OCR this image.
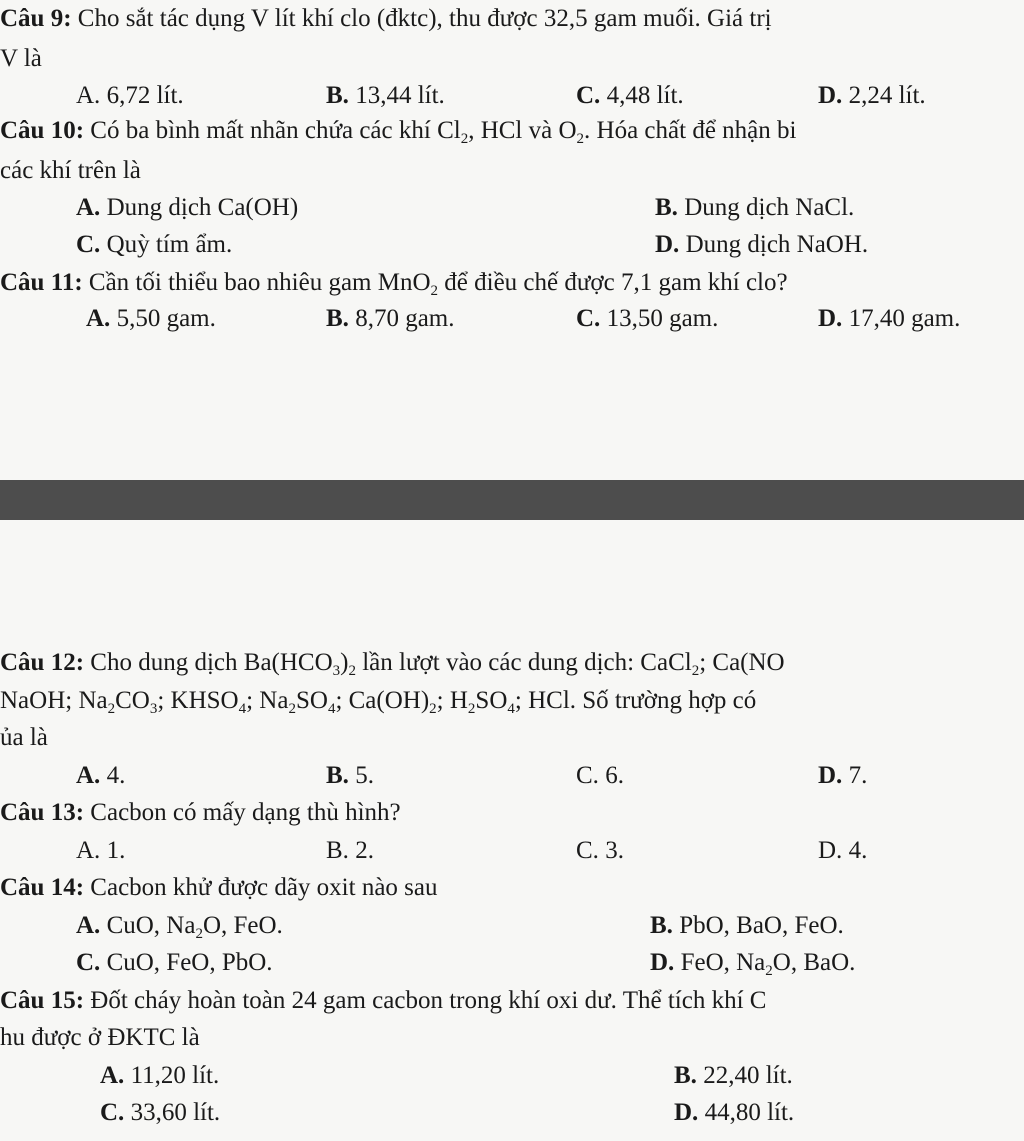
Câu 9: Cho sắt tác dụng V lít khí clo (đktc), thu được 32,5 gam muối. Giá trị
V là
A. 6,72 lít.	B. 13,44 lít.	C. 4,48 lít.	D. 2,24 lít.
Câu 10: Có ba bình mất nhãn chứa các khí $Cl_2$, HCl và $O_2$. Hóa chất để nhận bi
các khí trên là
A. Dung dịch Ca(OH)	B. Dung dịch NaCl.
C. Quỳ tím ẩm.	D. Dung dịch NaOH.
Câu 11: Cần tối thiểu bao nhiêu gam MnO$_2$ để điều chế được 7,1 gam khí clo?
A. 5,50 gam.	B. 8,70 gam.	C. 13,50 gam.	D. 17,40 gam.
Câu 12: Cho dung dịch $Ba(HCO_3)_2$ lần lượt vào các dung dịch: CaCl$_2$; Ca(NO
NaOH; $Na_2CO_3$; $KHSO_4$; $Na_2SO_4$; $Ca(OH)_2$; $H_2SO_4$; HCl. Số trường hợp có
ủa là
A. 4.	B. 5.	C. 6.	D. 7.
Câu 13: Cacbon có mấy dạng thù hình?
A. 1.	B. 2.	C. 3.	D. 4.
Câu 14: Cacbon khử được dãy oxit nào sau
A. CuO, $Na_2O$, FeO.	B. PbO, BaO, FeO.
C. CuO, FeO, PbO.	D. FeO, $Na_2O$, BaO.
Câu 15: Đốt cháy hoàn toàn 24 gam cacbon trong khí oxi dư. Thể tích khí C
hu được ở ĐKTC là
A. 11,20 lít.	B. 22,40 lít.
C. 33,60 lít.	D. 44,80 lít.
